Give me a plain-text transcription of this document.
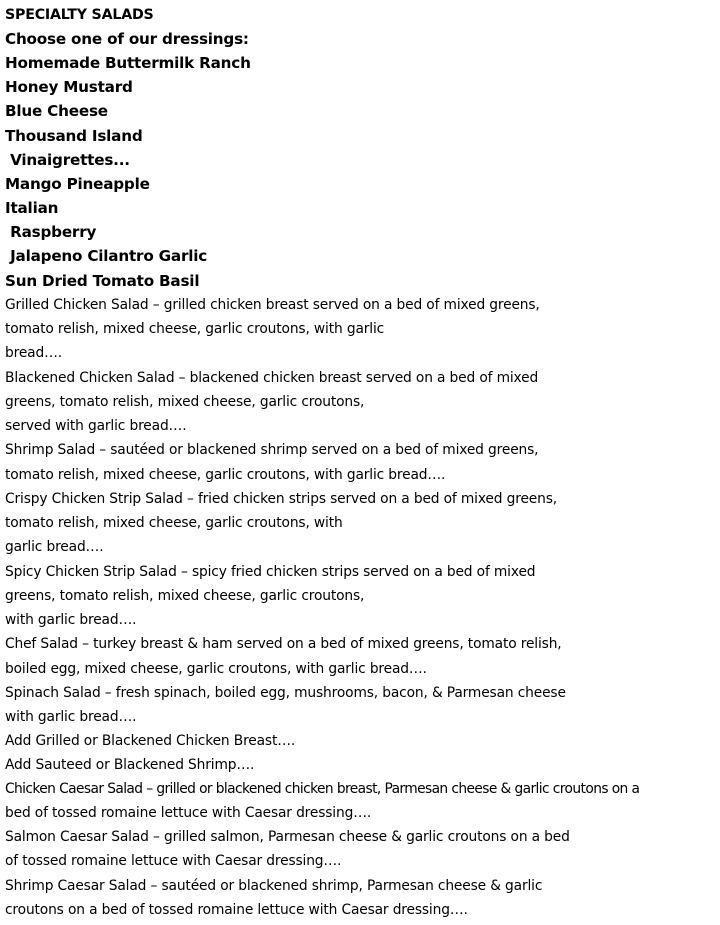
SPECIALTY SALADS
Choose one of our dressings:
Homemade Buttermilk Ranch
Honey Mustard
Blue Cheese
Thousand Island
Vinaigrettes...
Mango Pineapple
Italian
Raspberry
Jalapeno Cilantro Garlic
Sun Dried Tomato Basil
Grilled Chicken Salad – grilled chicken breast served on a bed of mixed greens,
tomato relish, mixed cheese, garlic croutons, with garlic
bread….
Blackened Chicken Salad – blackened chicken breast served on a bed of mixed
greens, tomato relish, mixed cheese, garlic croutons,
served with garlic bread….
Shrimp Salad – sautéed or blackened shrimp served on a bed of mixed greens,
tomato relish, mixed cheese, garlic croutons, with garlic bread….
Crispy Chicken Strip Salad – fried chicken strips served on a bed of mixed greens,
tomato relish, mixed cheese, garlic croutons, with
garlic bread….
Spicy Chicken Strip Salad – spicy fried chicken strips served on a bed of mixed
greens, tomato relish, mixed cheese, garlic croutons,
with garlic bread….
Chef Salad – turkey breast & ham served on a bed of mixed greens, tomato relish,
boiled egg, mixed cheese, garlic croutons, with garlic bread….
Spinach Salad – fresh spinach, boiled egg, mushrooms, bacon, & Parmesan cheese
with garlic bread….
Add Grilled or Blackened Chicken Breast….
Add Sauteed or Blackened Shrimp….
Chicken Caesar Salad – grilled or blackened chicken breast, Parmesan cheese & garlic croutons on a
bed of tossed romaine lettuce with Caesar dressing….
Salmon Caesar Salad – grilled salmon, Parmesan cheese & garlic croutons on a bed
of tossed romaine lettuce with Caesar dressing….
Shrimp Caesar Salad – sautéed or blackened shrimp, Parmesan cheese & garlic
croutons on a bed of tossed romaine lettuce with Caesar dressing….
